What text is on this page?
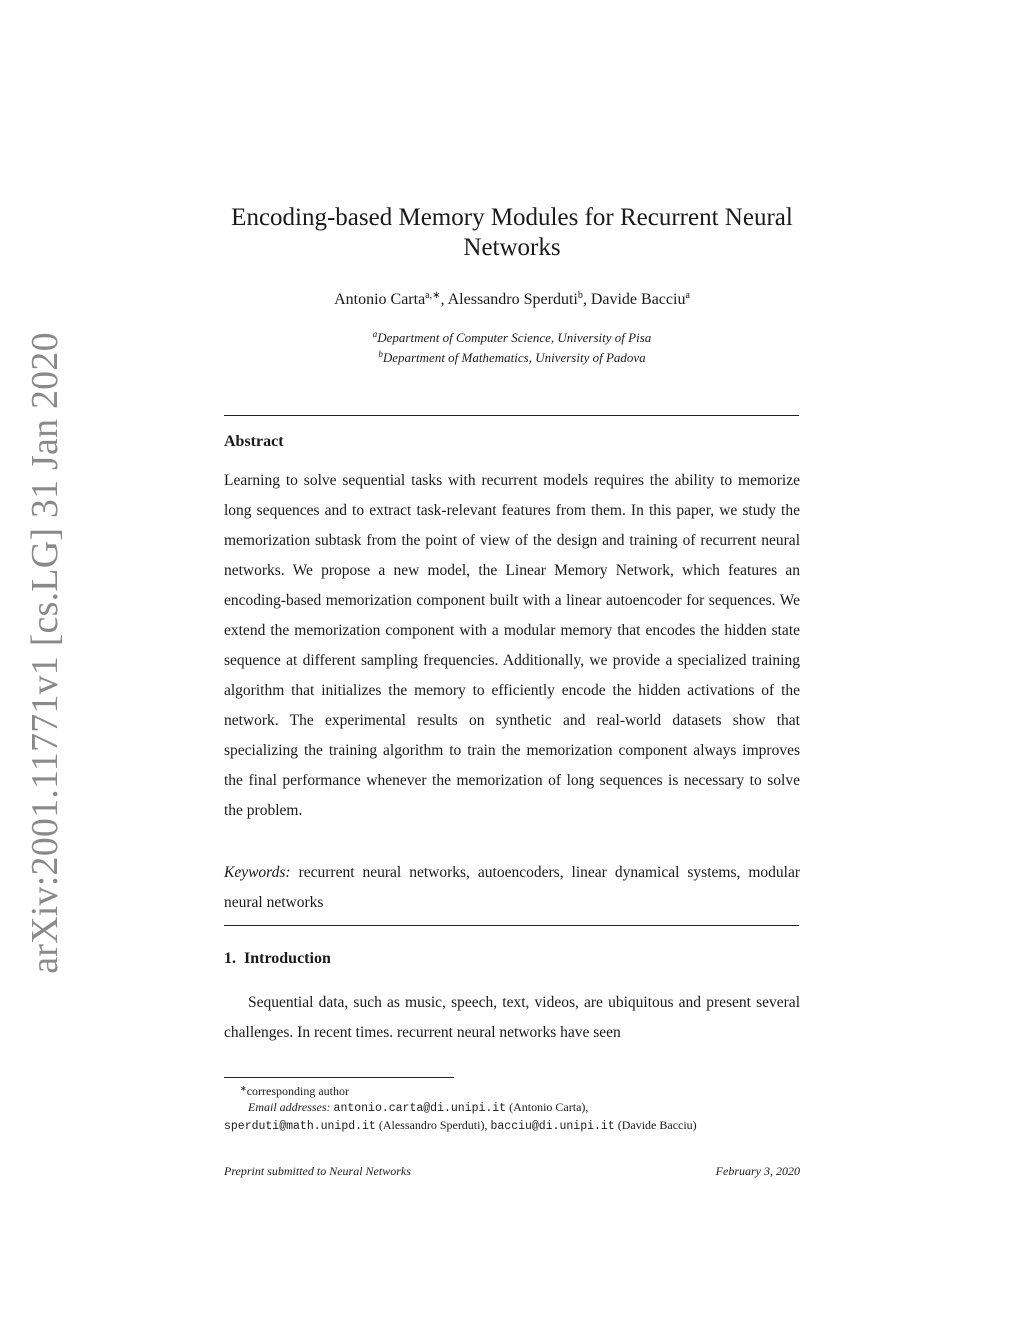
arXiv:2001.11771v1 [cs.LG] 31 Jan 2020
Encoding-based Memory Modules for Recurrent Neural Networks
Antonio Carta$^{a,∗}$, Alessandro Sperduti$^b$, Davide Bacciu$^a$
$^a$Department of Computer Science, University of Pisa
$^b$Department of Mathematics, University of Padova
Abstract

Learning to solve sequential tasks with recurrent models requires the ability to memorize long sequences and to extract task-relevant features from them. In this paper, we study the memorization subtask from the point of view of the design and training of recurrent neural networks. We propose a new model, the Linear Memory Network, which features an encoding-based memorization component built with a linear autoencoder for sequences. We extend the memorization component with a modular memory that encodes the hidden state sequence at different sampling frequencies. Additionally, we provide a specialized training algorithm that initializes the memory to efficiently encode the hidden activations of the network. The experimental results on synthetic and real-world datasets show that specializing the training algorithm to train the memorization component always improves the final performance whenever the memorization of long sequences is necessary to solve the problem.

Keywords: recurrent neural networks, autoencoders, linear dynamical systems, modular neural networks

1. Introduction

Sequential data, such as music, speech, text, videos, are ubiquitous and present several challenges. In recent times. recurrent neural networks have seen

∗corresponding author
Email addresses: antonio.carta@di.unipi.it (Antonio Carta),
sperduti@math.unipd.it (Alessandro Sperduti), bacciu@di.unipi.it (Davide Bacciu)
Preprint submitted to Neural Networks	February 3, 2020
